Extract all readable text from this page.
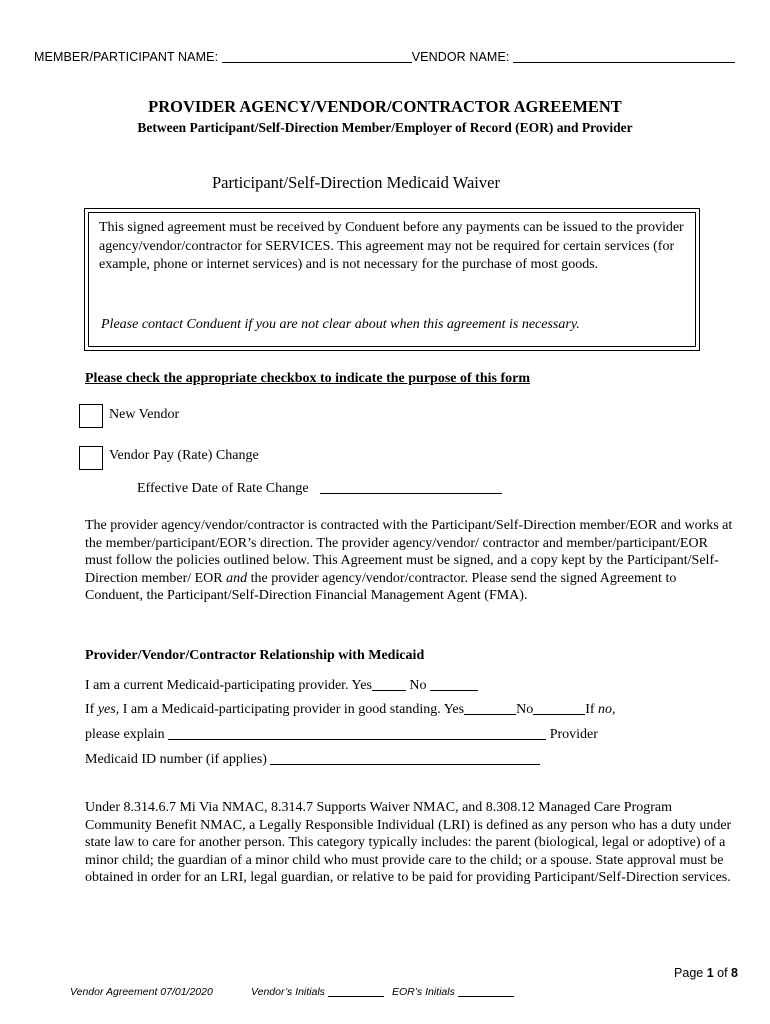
MEMBER/PARTICIPANT NAME:	VENDOR NAME:
PROVIDER AGENCY/VENDOR/CONTRACTOR AGREEMENT
Between Participant/Self-Direction Member/Employer of Record (EOR) and Provider
Participant/Self-Direction Medicaid Waiver
This signed agreement must be received by Conduent before any payments can be issued to the provider agency/vendor/contractor for SERVICES. This agreement may not be required for certain services (for example, phone or internet services) and is not necessary for the purchase of most goods.
Please contact Conduent if you are not clear about when this agreement is necessary.
Please check the appropriate checkbox to indicate the purpose of this form
New Vendor
Vendor Pay (Rate) Change
Effective Date of Rate Change
The provider agency/vendor/contractor is contracted with the Participant/Self-Direction member/EOR and works at the member/participant/EOR’s direction. The provider agency/vendor/ contractor and member/participant/EOR must follow the policies outlined below. This Agreement must be signed, and a copy kept by the Participant/Self-Direction member/ EOR and the provider agency/vendor/contractor. Please send the signed Agreement to Conduent, the Participant/Self-Direction Financial Management Agent (FMA).
Provider/Vendor/Contractor Relationship with Medicaid
I am a current Medicaid-participating provider. Yes No
If yes, I am a Medicaid-participating provider in good standing. Yes	No	If no,
please explain	Provider
Medicaid ID number (if applies)
Under 8.314.6.7 Mi Via NMAC, 8.314.7 Supports Waiver NMAC, and 8.308.12 Managed Care Program Community Benefit NMAC, a Legally Responsible Individual (LRI) is defined as any person who has a duty under state law to care for another person. This category typically includes: the parent (biological, legal or adoptive) of a minor child; the guardian of a minor child who must provide care to the child; or a spouse. State approval must be obtained in order for an LRI, legal guardian, or relative to be paid for providing Participant/Self-Direction services.
Page 1 of 8
Vendor Agreement 07/01/2020	Vendor’s Initials	EOR’s Initials
